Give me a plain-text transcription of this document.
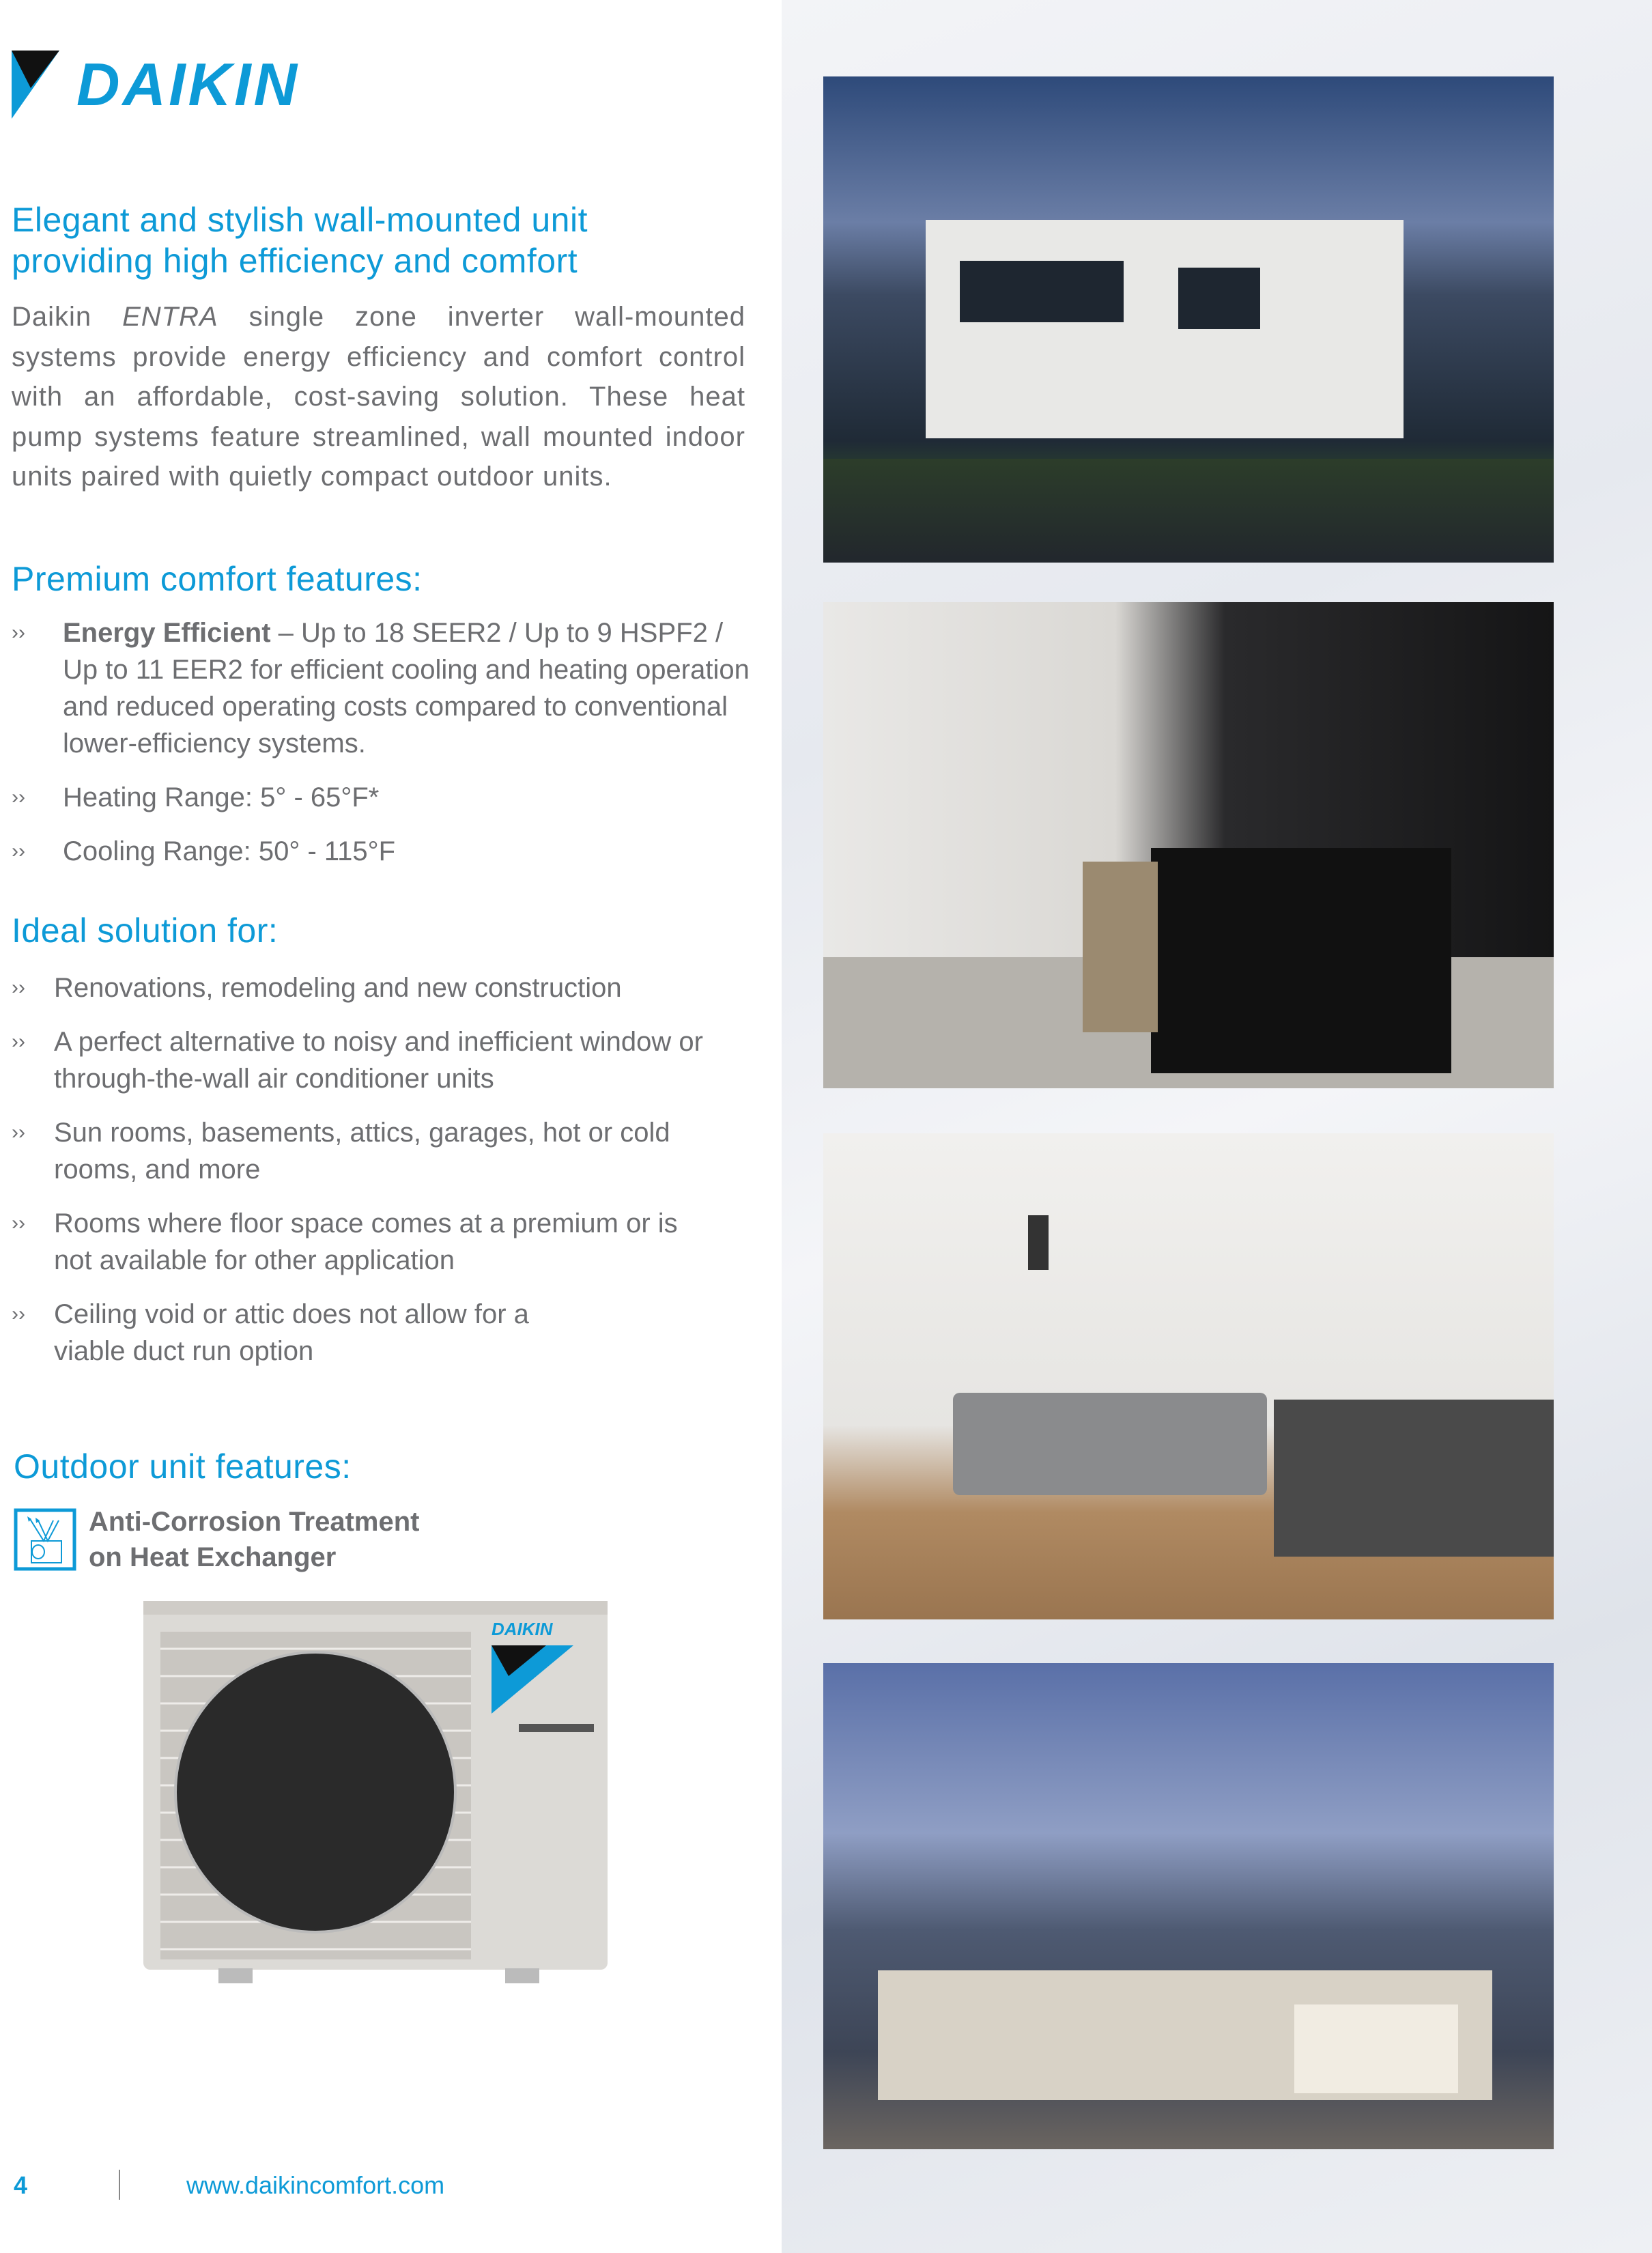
DAIKIN
Elegant and stylish wall-mounted unit providing high efficiency and comfort

Daikin ENTRA single zone inverter wall-mounted systems provide energy efficiency and comfort control with an affordable, cost-saving solution. These heat pump systems feature streamlined, wall mounted indoor units paired with quietly compact outdoor units.

Premium comfort features:
›› Energy Efficient – Up to 18 SEER2 / Up to 9 HSPF2 / Up to 11 EER2 for efficient cooling and heating operation and reduced operating costs compared to conventional lower-efficiency systems.
›› Heating Range: 5° - 65°F*
›› Cooling Range: 50° - 115°F
Ideal solution for:
›› Renovations, remodeling and new construction
›› A perfect alternative to noisy and inefficient window or through-the-wall air conditioner units
›› Sun rooms, basements, attics, garages, hot or cold rooms, and more
›› Rooms where floor space comes at a premium or is not available for other application
›› Ceiling void or attic does not allow for a viable duct run option
Outdoor unit features:
Anti-Corrosion Treatment
on Heat Exchanger
DAIKIN
4	www.daikincomfort.com
